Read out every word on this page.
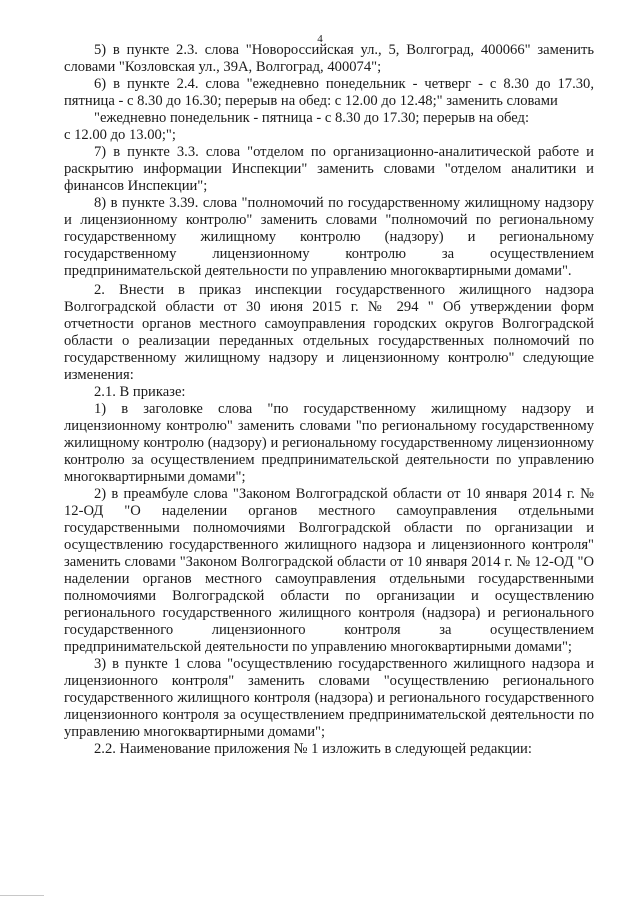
4

5) в пункте 2.3. слова "Новороссийская ул., 5, Волгоград, 400066" заменить словами "Козловская ул., 39А, Волгоград, 400074";

6) в пункте 2.4. слова "ежедневно понедельник - четверг - с 8.30 до 17.30, пятница - с 8.30 до 16.30; перерыв на обед: с 12.00 до 12.48;" заменить словами

"ежедневно понедельник - пятница - с 8.30 до 17.30; перерыв на обед:

с 12.00 до 13.00;";

7) в пункте 3.3. слова "отделом по организационно-аналитической работе и раскрытию информации Инспекции" заменить словами "отделом аналитики и финансов Инспекции";

8) в пункте 3.39. слова "полномочий по государственному жилищному надзору и лицензионному контролю" заменить словами "полномочий по региональному государственному жилищному контролю (надзору) и региональному государственному лицензионному контролю за осуществлением предпринимательской деятельности по управлению многоквартирными домами".

2. Внести в приказ инспекции государственного жилищного надзора Волгоградской области от 30 июня 2015 г. № 294 " Об утверждении форм отчетности органов местного самоуправления городских округов Волгоградской области о реализации переданных отдельных государственных полномочий по государственному жилищному надзору и лицензионному контролю" следующие изменения:

2.1. В приказе:

1) в заголовке слова "по государственному жилищному надзору и лицензионному контролю" заменить словами "по региональному государственному жилищному контролю (надзору) и региональному государственному лицензионному контролю за осуществлением предпринимательской деятельности по управлению многоквартирными домами";

2) в преамбуле слова "Законом Волгоградской области от 10 января 2014 г. № 12-ОД "О наделении органов местного самоуправления отдельными государственными полномочиями Волгоградской области по организации и осуществлению государственного жилищного надзора и лицензионного контроля" заменить словами "Законом Волгоградской области от 10 января 2014 г. № 12-ОД "О наделении органов местного самоуправления отдельными государственными полномочиями Волгоградской области по организации и осуществлению регионального государственного жилищного контроля (надзора) и регионального государственного лицензионного контроля за осуществлением предпринимательской деятельности по управлению многоквартирными домами";

3) в пункте 1 слова "осуществлению государственного жилищного надзора и лицензионного контроля" заменить словами "осуществлению регионального государственного жилищного контроля (надзора) и регионального государственного лицензионного контроля за осуществлением предпринимательской деятельности по управлению многоквартирными домами";

2.2. Наименование приложения № 1 изложить в следующей редакции:
